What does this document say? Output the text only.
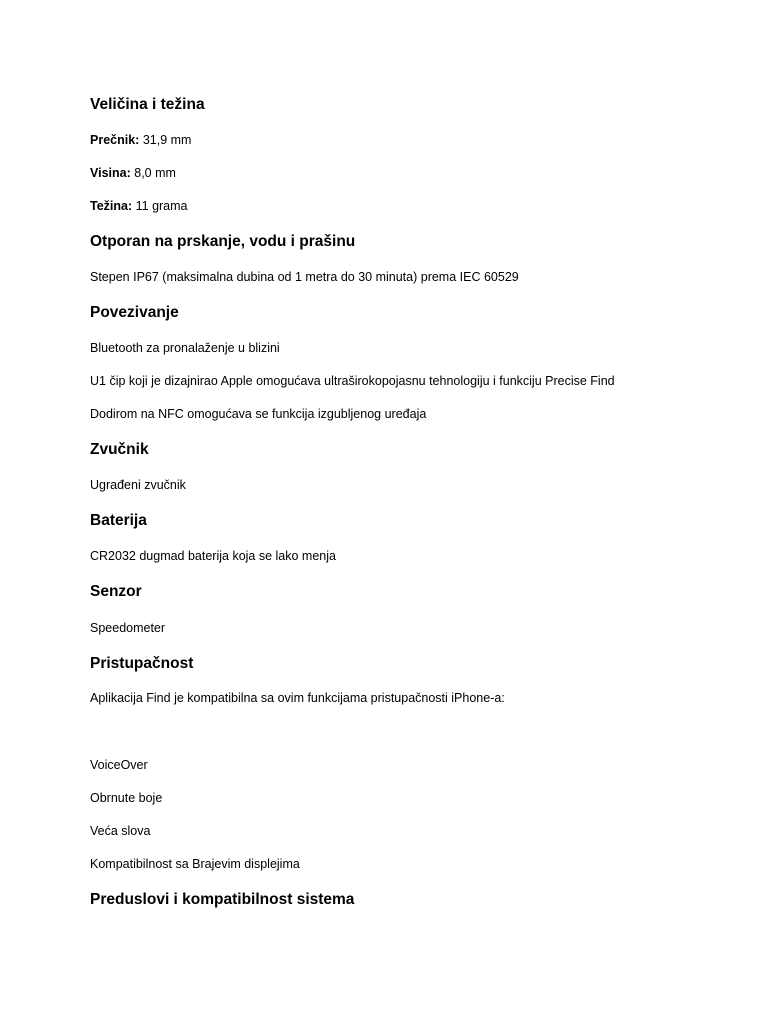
Veličina i težina
Prečnik: 31,9 mm
Visina: 8,0 mm
Težina: 11 grama
Otporan na prskanje, vodu i prašinu
Stepen IP67 (maksimalna dubina od 1 metra do 30 minuta) prema IEC 60529
Povezivanje
Bluetooth za pronalaženje u blizini
U1 čip koji je dizajnirao Apple omogućava ultraširokopojasnu tehnologiju i funkciju Precise Find
Dodirom na NFC omogućava se funkcija izgubljenog uređaja
Zvučnik
Ugrađeni zvučnik
Baterija
CR2032 dugmad baterija koja se lako menja
Senzor
Speedometer
Pristupačnost
Aplikacija Find je kompatibilna sa ovim funkcijama pristupačnosti iPhone-a:
VoiceOver
Obrnute boje
Veća slova
Kompatibilnost sa Brajevim displejima
Preduslovi i kompatibilnost sistema
